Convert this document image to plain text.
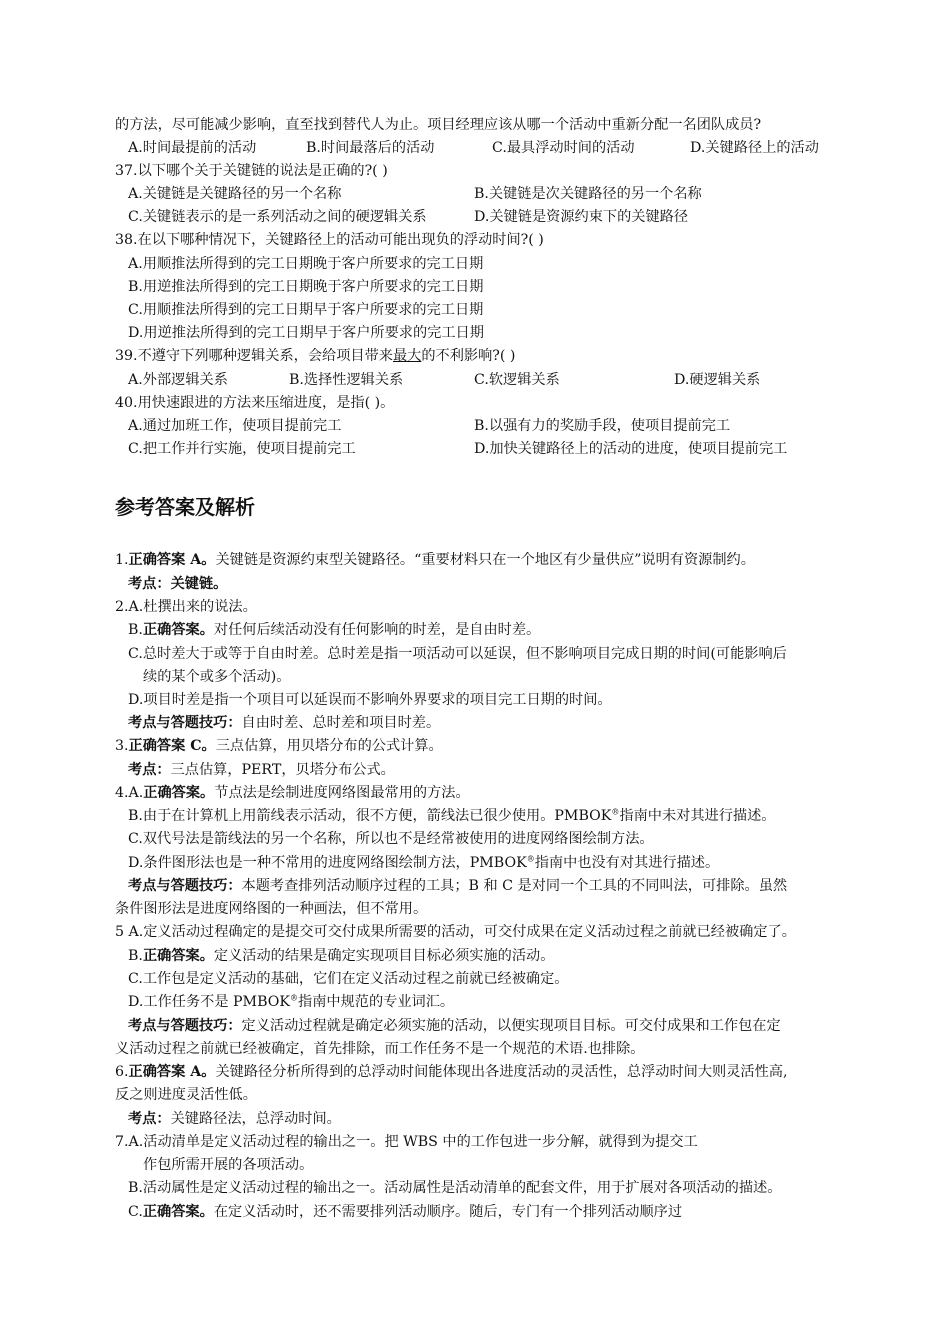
的方法，尽可能减少影响，直至找到替代人为止。项目经理应该从哪一个活动中重新分配一名团队成员?
A.时间最提前的活动	B.时间最落后的活动	C.最具浮动时间的活动	D.关键路径上的活动
37.以下哪个关于关键链的说法是正确的?( )
A.关键链是关键路径的另一个名称	B.关键链是次关键路径的另一个名称
C.关键链表示的是一系列活动之间的硬逻辑关系	D.关键链是资源约束下的关键路径
38.在以下哪种情况下，关键路径上的活动可能出现负的浮动时间?( )
A.用顺推法所得到的完工日期晚于客户所要求的完工日期
B.用逆推法所得到的完工日期晚于客户所要求的完工日期
C.用顺推法所得到的完工日期早于客户所要求的完工日期
D.用逆推法所得到的完工日期早于客户所要求的完工日期
39.不遵守下列哪种逻辑关系，会给项目带来最大的不利影响?( )
A.外部逻辑关系	B.选择性逻辑关系	C.软逻辑关系	D.硬逻辑关系
40.用快速跟进的方法来压缩进度，是指( )。
A.通过加班工作，使项目提前完工	B.以强有力的奖励手段，使项目提前完工
C.把工作并行实施，使项目提前完工	D.加快关键路径上的活动的进度，使项目提前完工
参考答案及解析
1.正确答案 A。关键链是资源约束型关键路径。“重要材料只在一个地区有少量供应”说明有资源制约。
考点：关键链。
2.A.杜撰出来的说法。
B.正确答案。对任何后续活动没有任何影响的时差，是自由时差。
C.总时差大于或等于自由时差。总时差是指一项活动可以延误，但不影响项目完成日期的时间(可能影响后
续的某个或多个活动)。
D.项目时差是指一个项目可以延误而不影响外界要求的项目完工日期的时间。
考点与答题技巧：自由时差、总时差和项目时差。
3.正确答案 C。三点估算，用贝塔分布的公式计算。
考点：三点估算，PERT，贝塔分布公式。
4.A.正确答案。节点法是绘制进度网络图最常用的方法。
B.由于在计算机上用箭线表示活动，很不方便，箭线法已很少使用。PMBOK®指南中未对其进行描述。
C.双代号法是箭线法的另一个名称，所以也不是经常被使用的进度网络图绘制方法。
D.条件图形法也是一种不常用的进度网络图绘制方法，PMBOK®指南中也没有对其进行描述。
考点与答题技巧：本题考查排列活动顺序过程的工具；B 和 C 是对同一个工具的不同叫法，可排除。虽然
条件图形法是进度网络图的一种画法，但不常用。
5 A.定义活动过程确定的是提交可交付成果所需要的活动，可交付成果在定义活动过程之前就已经被确定了。
B.正确答案。定义活动的结果是确定实现项目目标必须实施的活动。
C.工作包是定义活动的基础，它们在定义活动过程之前就已经被确定。
D.工作任务不是 PMBOK®指南中规范的专业词汇。
考点与答题技巧：定义活动过程就是确定必须实施的活动，以便实现项目目标。可交付成果和工作包在定
义活动过程之前就已经被确定，首先排除，而工作任务不是一个规范的术语.也排除。
6.正确答案 A。关键路径分析所得到的总浮动时间能体现出各进度活动的灵活性，总浮动时间大则灵活性高,
反之则进度灵活性低。
考点：关键路径法，总浮动时间。
7.A.活动清单是定义活动过程的输出之一。把 WBS 中的工作包进一步分解，就得到为提交工
作包所需开展的各项活动。
B.活动属性是定义活动过程的输出之一。活动属性是活动清单的配套文件，用于扩展对各项活动的描述。
C.正确答案。在定义活动时，还不需要排列活动顺序。随后，专门有一个排列活动顺序过
